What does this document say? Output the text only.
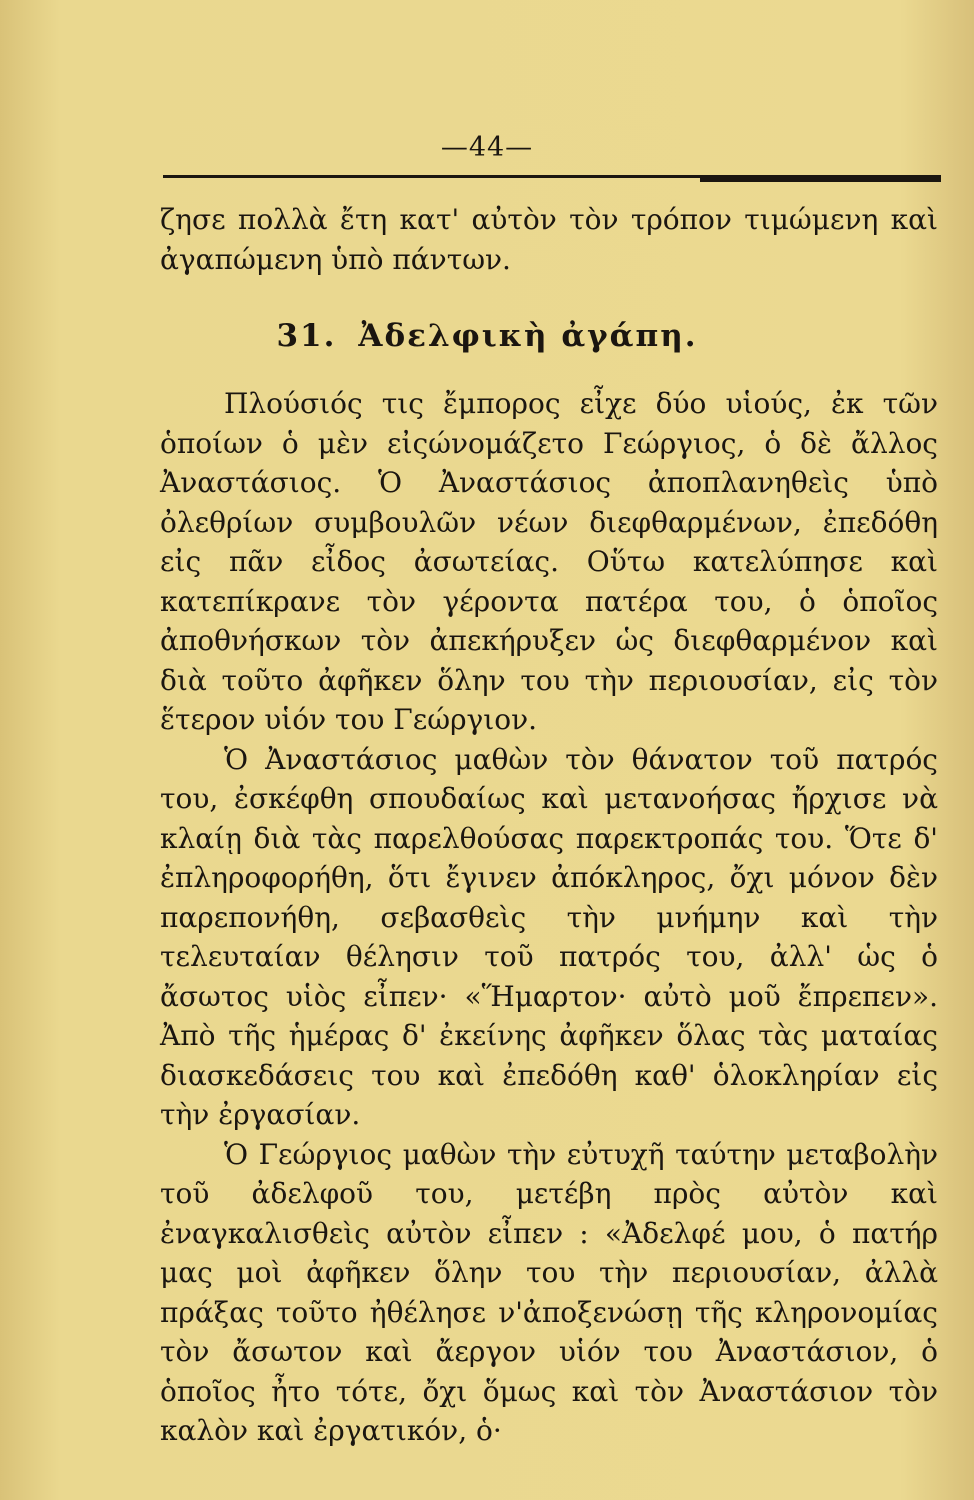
—44—
ζησε πολλὰ ἔτη κατ' αὐτὸν τὸν τρόπον τιμώμενη καὶ ἀγαπώμενη ὑπὸ πάντων.
31. Ἀδελφικὴ ἀγάπη.

Πλούσιός τις ἔμπορος εἶχε δύο υἱούς, ἐκ τῶν ὁποίων ὁ μὲν εἰςώνομάζετο Γεώργιος, ὁ δὲ ἄλλος Ἀναστάσιος. Ὁ Ἀναστάσιος ἀποπλανηθεὶς ὑπὸ ὀλεθρίων συμβουλῶν νέων διεφθαρμένων, ἐπεδόθη εἰς πᾶν εἶδος ἀσωτείας. Οὕτω κατελύπησε καὶ κατεπίκρανε τὸν γέροντα πατέρα του, ὁ ὁποῖος ἀποθνήσκων τὸν ἀπεκήρυξεν ὡς διεφθαρμένον καὶ διὰ τοῦτο ἀφῆκεν ὅλην του τὴν περιουσίαν, εἰς τὸν ἕτερον υἱόν του Γεώργιον.

Ὁ Ἀναστάσιος μαθὼν τὸν θάνατον τοῦ πατρός του, ἐσκέφθη σπουδαίως καὶ μετανοήσας ἤρχισε νὰ κλαίῃ διὰ τὰς παρελθούσας παρεκτροπάς του. Ὅτε δ' ἐπληροφορήθη, ὅτι ἔγινεν ἀπόκληρος, ὄχι μόνον δὲν παρεπονήθη, σεβασθεὶς τὴν μνήμην καὶ τὴν τελευταίαν θέλησιν τοῦ πατρός του, ἀλλ' ὡς ὁ ἄσωτος υἱὸς εἶπεν· «Ἥμαρτον· αὐτὸ μοῦ ἔπρεπεν». Ἀπὸ τῆς ἡμέρας δ' ἐκείνης ἀφῆκεν ὅλας τὰς ματαίας διασκεδάσεις του καὶ ἐπεδόθη καθ' ὁλοκληρίαν εἰς τὴν ἐργασίαν.

Ὁ Γεώργιος μαθὼν τὴν εὐτυχῆ ταύτην μεταβολὴν τοῦ ἀδελφοῦ του, μετέβη πρὸς αὐτὸν καὶ ἐναγκαλισθεὶς αὐτὸν εἶπεν : «Ἀδελφέ μου, ὁ πατήρ μας μοὶ ἀφῆκεν ὅλην του τὴν περιουσίαν, ἀλλὰ πράξας τοῦτο ἠθέλησε ν'ἀποξενώσῃ τῆς κληρονομίας τὸν ἄσωτον καὶ ἄεργον υἱόν του Ἀναστάσιον, ὁ ὁποῖος ἦτο τότε, ὄχι ὅμως καὶ τὸν Ἀναστάσιον τὸν καλὸν καὶ ἐργατικόν, ὁ·
